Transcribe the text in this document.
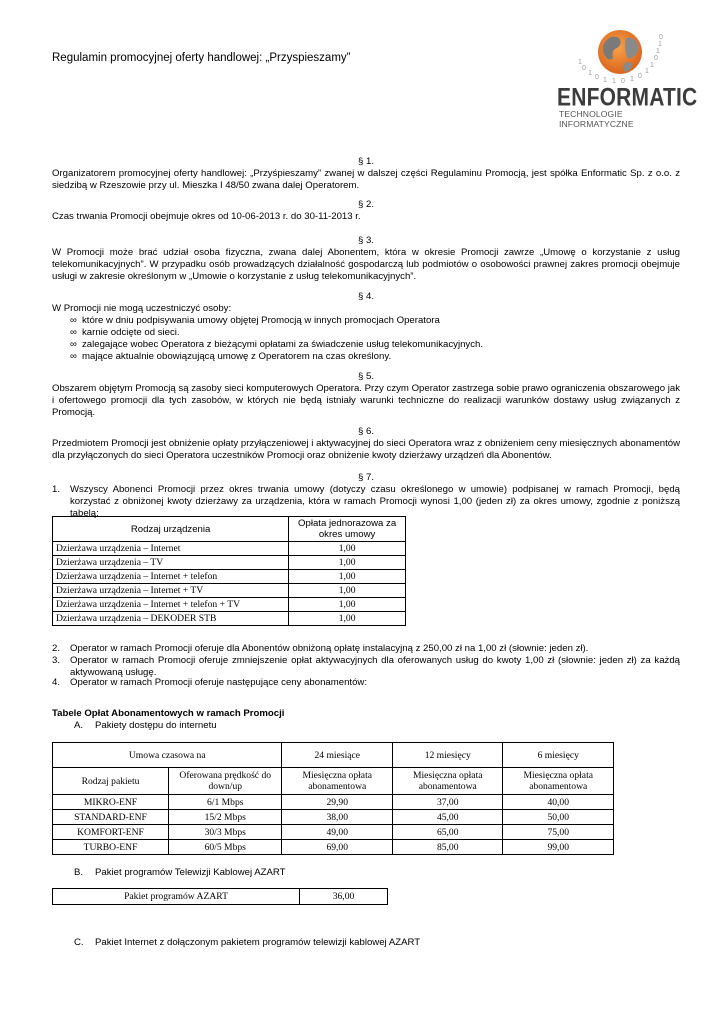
Regulamin promocyjnej oferty handlowej: „Przyspieszamy”	1
0
1
0 1 1 0 1 0
1
1
0
1
1
0
ENFORMATIC
TECHNOLOGIE INFORMATYCZNE
§ 1.
Organizatorem promocyjnej oferty handlowej: „Przyśpieszamy” zwanej w dalszej części Regulaminu Promocją, jest spółka Enformatic Sp. z o.o. z siedzibą w Rzeszowie przy ul. Mieszka I 48/50 zwana dalej Operatorem.
§ 2.
Czas trwania Promocji obejmuje okres od 10-06-2013 r. do 30-11-2013 r.
§ 3.
W Promocji może brać udział osoba fizyczna, zwana dalej Abonentem, która w okresie Promocji zawrze „Umowę o korzystanie z usług telekomunikacyjnych”. W przypadku osób prowadzących działalność gospodarczą lub podmiotów o osobowości prawnej zakres promocji obejmuje usługi w zakresie określonym w „Umowie o korzystanie z usług telekomunikacyjnych”.
§ 4.
W Promocji nie mogą uczestniczyć osoby:
∞ które w dniu podpisywania umowy objętej Promocją w innych promocjach Operatora
∞ karnie odcięte od sieci.
∞ zalegające wobec Operatora z bieżącymi opłatami za świadczenie usług telekomunikacyjnych.
∞ mające aktualnie obowiązującą umowę z Operatorem na czas określony.
§ 5.
Obszarem objętym Promocją są zasoby sieci komputerowych Operatora. Przy czym Operator zastrzega sobie prawo ograniczenia obszarowego jak i ofertowego promocji dla tych zasobów, w których nie będą istniały warunki techniczne do realizacji warunków dostawy usług związanych z Promocją.
§ 6.
Przedmiotem Promocji jest obniżenie opłaty przyłączeniowej i aktywacyjnej do sieci Operatora wraz z obniżeniem ceny miesięcznych abonamentów dla przyłączonych do sieci Operatora uczestników Promocji oraz obniżenie kwoty dzierżawy urządzeń dla Abonentów.
§ 7.
1. Wszyscy Abonenci Promocji przez okres trwania umowy (dotyczy czasu określonego w umowie) podpisanej w ramach Promocji, będą korzystać z obniżonej kwoty dzierżawy za urządzenia, która w ramach Promocji wynosi 1,00 (jeden zł) za okres umowy, zgodnie z poniższą tabelą:
Rodzaj urządzenia	Opłata jednorazowa za okres umowy
Dzierżawa urządzenia – Internet	1,00
Dzierżawa urządzenia – TV	1,00
Dzierżawa urządzenia – Internet + telefon	1,00
Dzierżawa urządzenia – Internet + TV	1,00
Dzierżawa urządzenia – Internet + telefon + TV	1,00
Dzierżawa urządzenia – DEKODER STB	1,00
2. Operator w ramach Promocji oferuje dla Abonentów obniżoną opłatę instalacyjną z 250,00 zł na 1,00 zł (słownie: jeden zł).
3. Operator w ramach Promocji oferuje zmniejszenie opłat aktywacyjnych dla oferowanych usług do kwoty 1,00 zł (słownie: jeden zł) za każdą aktywowaną usługę.
4. Operator w ramach Promocji oferuje następujące ceny abonamentów:
Tabele Opłat Abonamentowych w ramach Promocji
A. Pakiety dostępu do internetu
Umowa czasowa na		24 miesiące	12 miesięcy	6 miesięcy
Rodzaj pakietu	Oferowana prędkość do down/up	Miesięczna opłata abonamentowa	Miesięczna opłata abonamentowa	Miesięczna opłata abonamentowa
MIKRO-ENF	6/1 Mbps	29,90	37,00	40,00
STANDARD-ENF	15/2 Mbps	38,00	45,00	50,00
KOMFORT-ENF	30/3 Mbps	49,00	65,00	75,00
TURBO-ENF	60/5 Mbps	69,00	85,00	99,00
B. Pakiet programów Telewizji Kablowej AZART
Pakiet programów AZART	36,00
C. Pakiet Internet z dołączonym pakietem programów telewizji kablowej AZART
